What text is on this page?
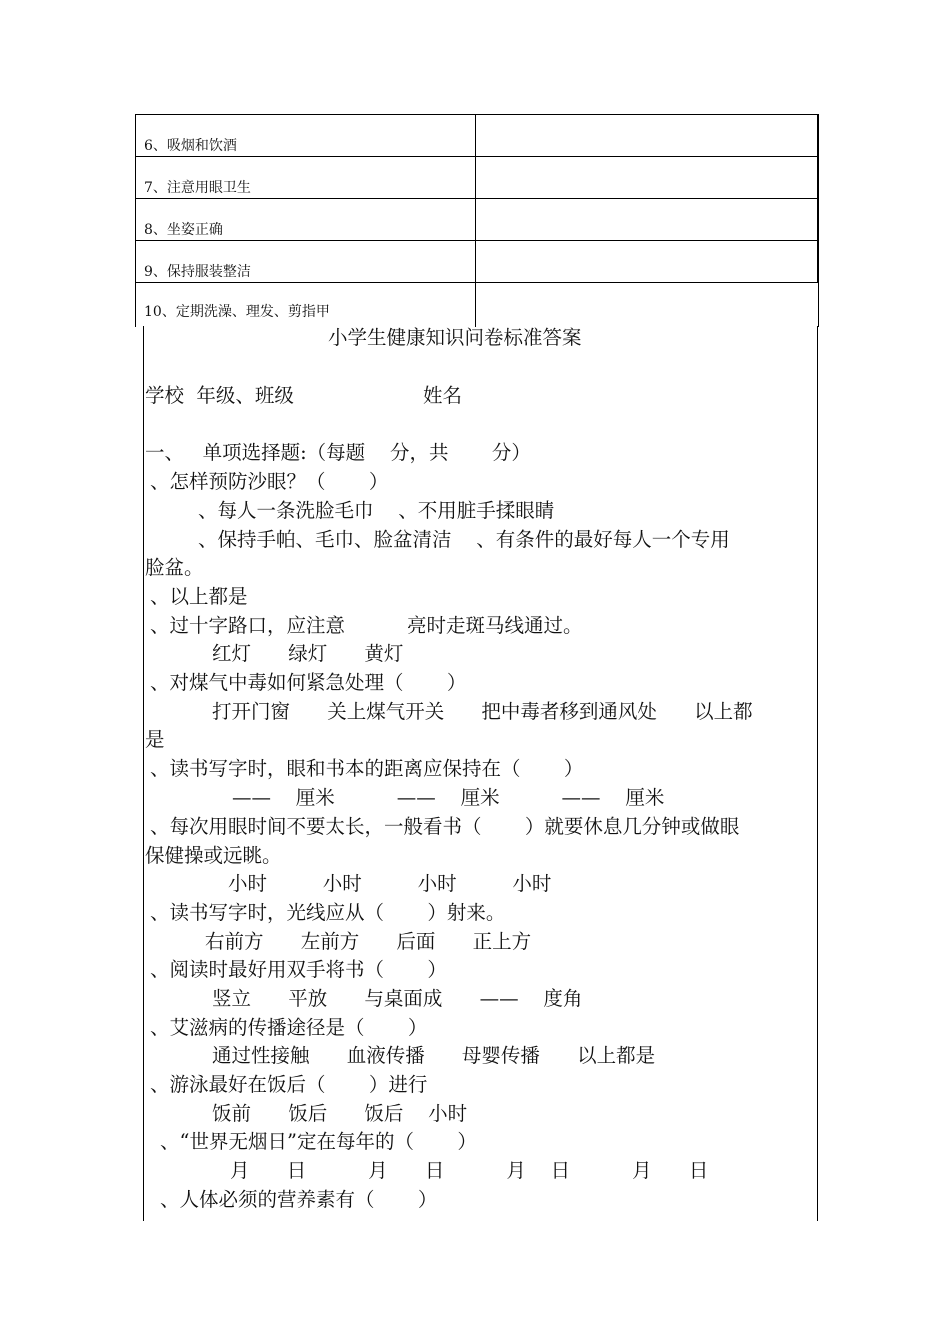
6、吸烟和饮酒
7、注意用眼卫生
8、坐姿正确
9、保持服装整洁
10、定期洗澡、理发、剪指甲
小学生健康知识问卷标准答案
学校  年级、班级	姓名
一、   单项选择题:（每题    分，共       分）
、怎样预防沙眼？（       ）
、每人一条洗脸毛巾    、不用脏手揉眼睛
、保持手帕、毛巾、脸盆清洁    、有条件的最好每人一个专用
脸盆。
、以上都是
、过十字路口，应注意          亮时走斑马线通过。
红灯      绿灯      黄灯
、对煤气中毒如何紧急处理（       ）
打开门窗      关上煤气开关      把中毒者移到通风处      以上都
是
、读书写字时，眼和书本的距离应保持在（       ）
——    厘米          ——    厘米          ——    厘米
、每次用眼时间不要太长，一般看书（       ）就要休息几分钟或做眼
保健操或远眺。
小时         小时         小时         小时
、读书写字时，光线应从（       ）射来。
右前方      左前方      后面      正上方
、阅读时最好用双手将书（       ）
竖立      平放      与桌面成      ——    度角
、艾滋病的传播途径是（       ）
通过性接触      血液传播      母婴传播      以上都是
、游泳最好在饭后（       ）进行
饭前      饭后      饭后    小时
、“世界无烟日”定在每年的（       ）
月      日          月      日          月    日          月      日
、人体必须的营养素有（       ）
